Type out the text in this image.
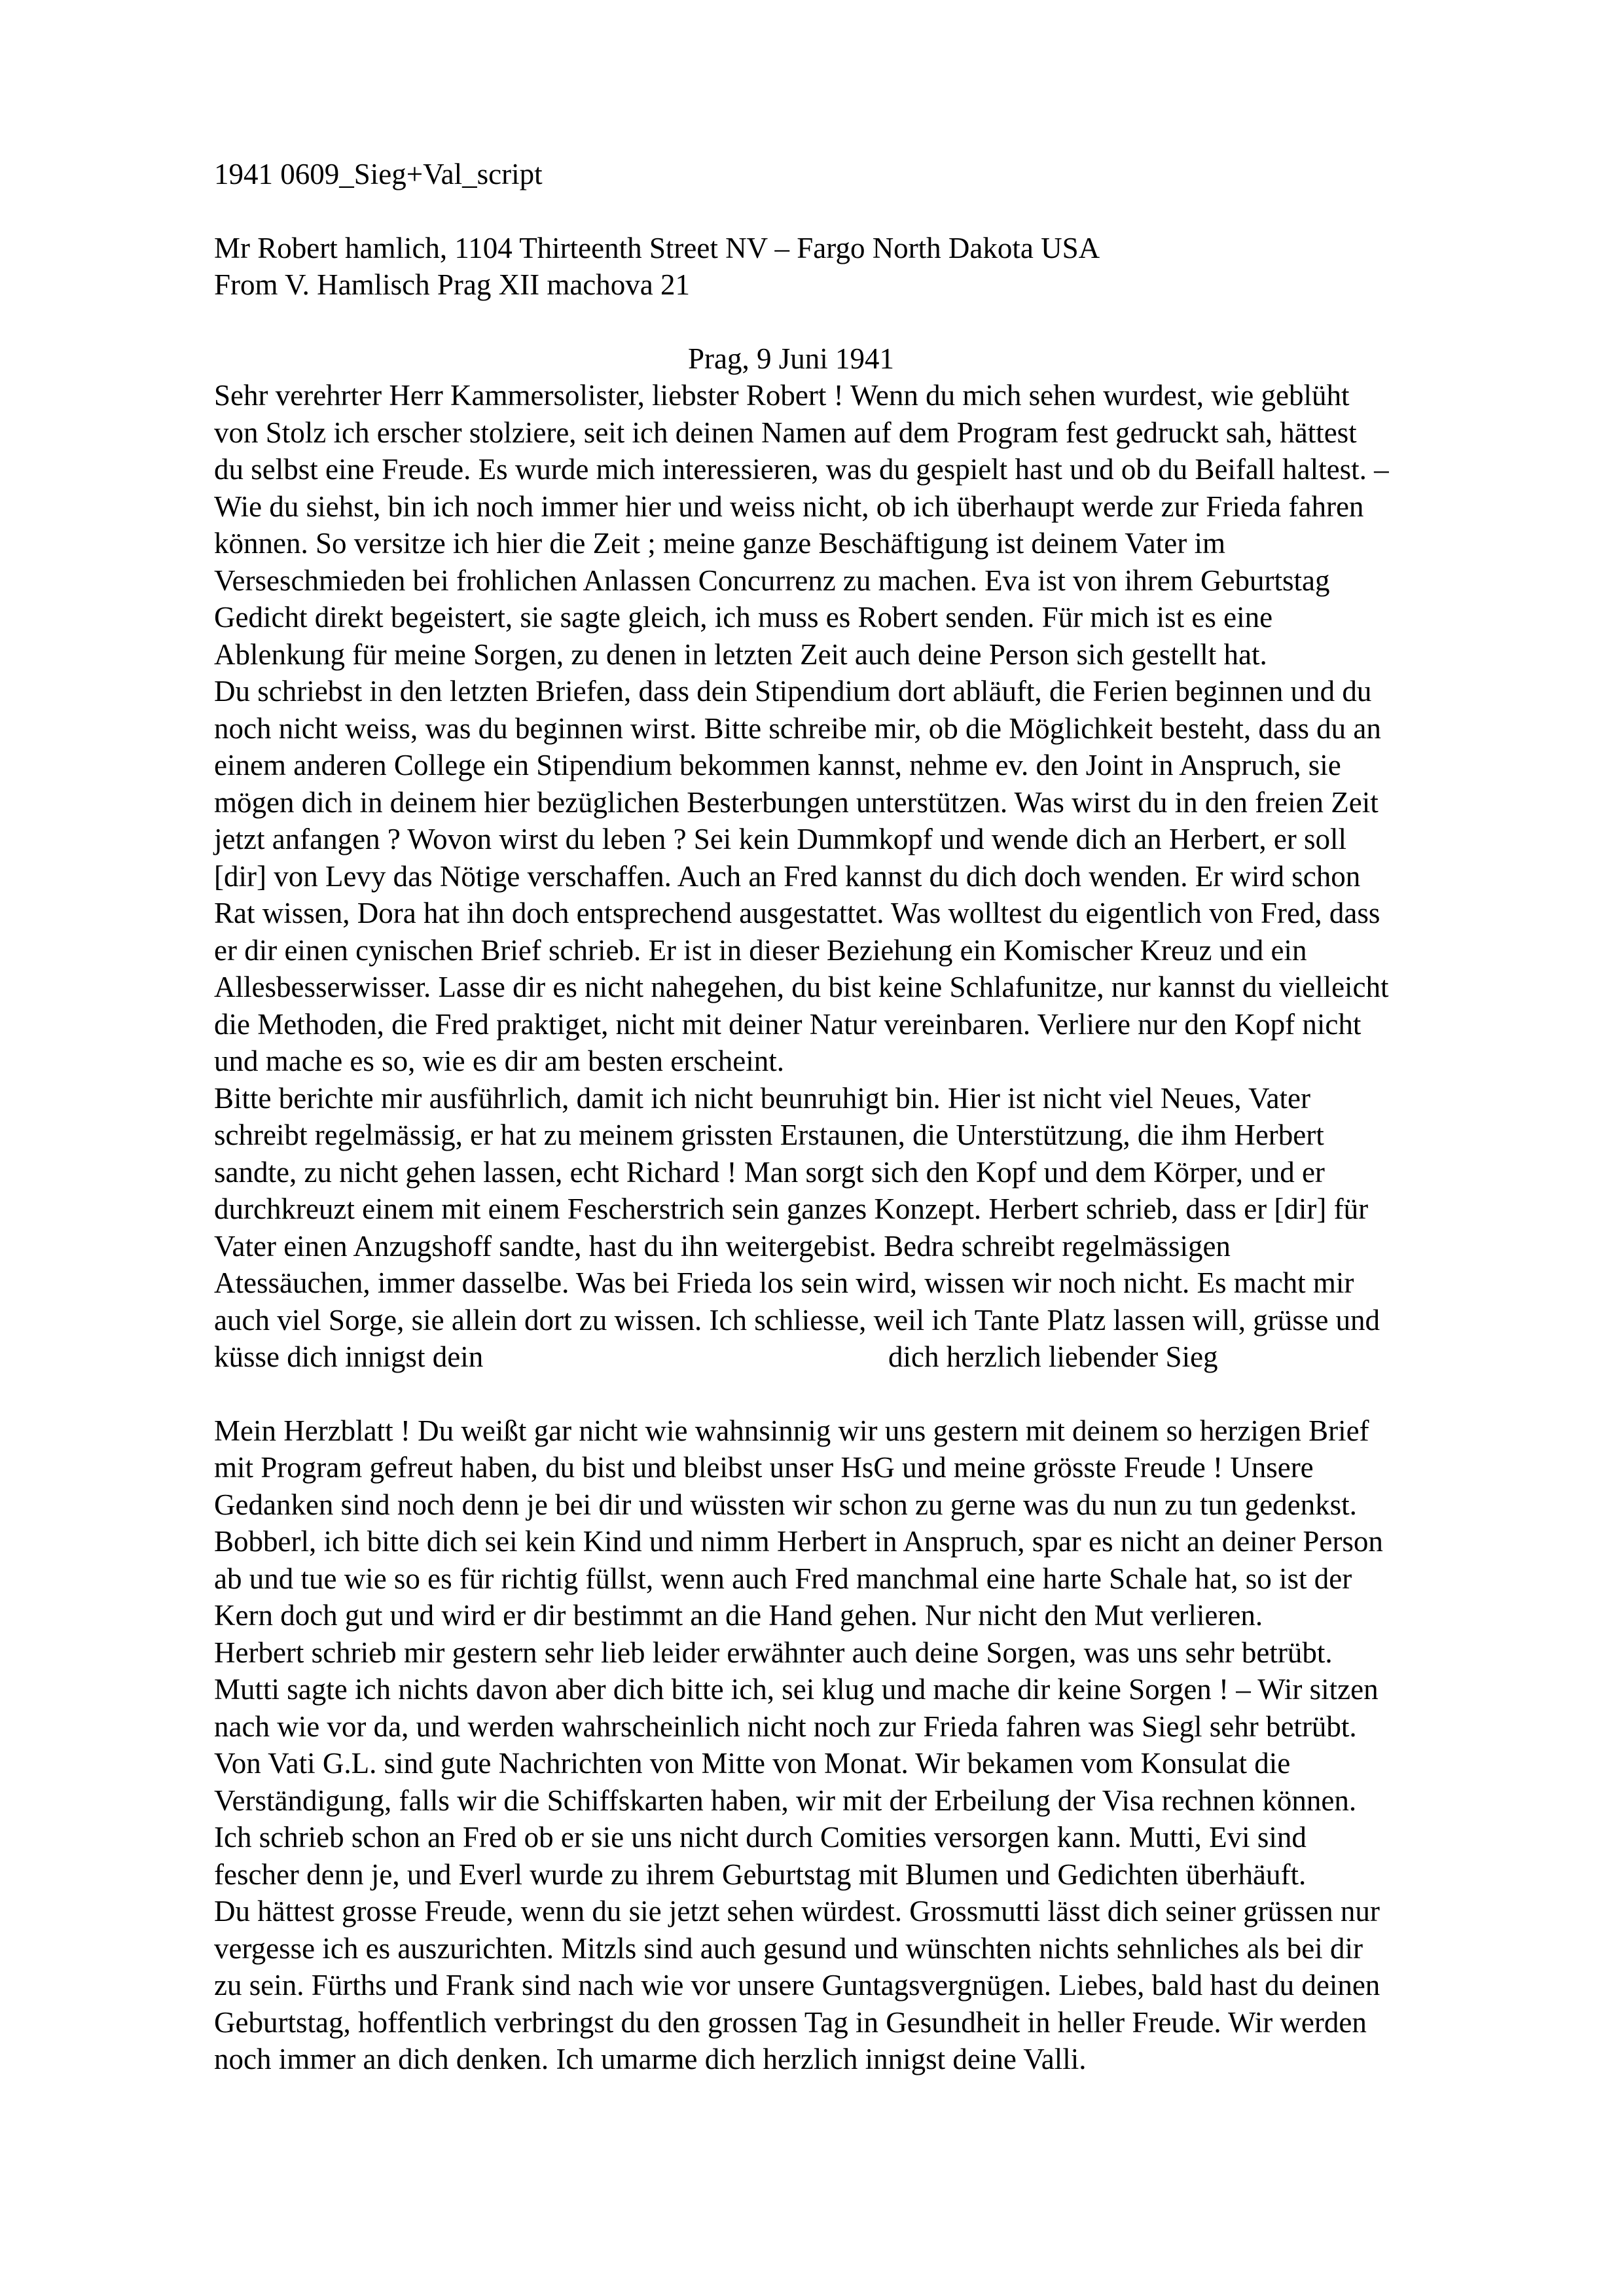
1941 0609_Sieg+Val_script
Mr Robert hamlich, 1104 Thirteenth Street NV – Fargo North Dakota USA
From V. Hamlisch Prag XII machova 21
Prag, 9 Juni 1941
Sehr verehrter Herr Kammersolister, liebster Robert ! Wenn du mich sehen wurdest, wie geblüht
von Stolz ich erscher stolziere, seit ich deinen Namen auf dem Program fest gedruckt sah, hättest
du selbst eine Freude. Es wurde mich interessieren, was du gespielt hast und ob du Beifall haltest. –
Wie du siehst, bin ich noch immer hier und weiss nicht, ob ich überhaupt werde zur Frieda fahren
können. So versitze ich hier die Zeit ; meine ganze Beschäftigung ist deinem Vater im
Verseschmieden bei frohlichen Anlassen Concurrenz zu machen. Eva ist von ihrem Geburtstag
Gedicht direkt begeistert, sie sagte gleich, ich muss es Robert senden. Für mich ist es eine
Ablenkung für meine Sorgen, zu denen in letzten Zeit auch deine Person sich gestellt hat.
Du schriebst in den letzten Briefen, dass dein Stipendium dort abläuft, die Ferien beginnen und du
noch nicht weiss, was du beginnen wirst. Bitte schreibe mir, ob die Möglichkeit besteht, dass du an
einem anderen College ein Stipendium bekommen kannst, nehme ev. den Joint in Anspruch, sie
mögen dich in deinem hier bezüglichen Besterbungen unterstützen. Was wirst du in den freien Zeit
jetzt anfangen ? Wovon wirst du leben ? Sei kein Dummkopf und wende dich an Herbert, er soll
[dir] von Levy das Nötige verschaffen. Auch an Fred kannst du dich doch wenden. Er wird schon
Rat wissen, Dora hat ihn doch entsprechend ausgestattet. Was wolltest du eigentlich von Fred, dass
er dir einen cynischen Brief schrieb. Er ist in dieser Beziehung ein Komischer Kreuz und ein
Allesbesserwisser. Lasse dir es nicht nahegehen, du bist keine Schlafunitze, nur kannst du vielleicht
die Methoden, die Fred praktiget, nicht mit deiner Natur vereinbaren. Verliere nur den Kopf nicht
und mache es so, wie es dir am besten erscheint.
Bitte berichte mir ausführlich, damit ich nicht beunruhigt bin. Hier ist nicht viel Neues, Vater
schreibt regelmässig, er hat zu meinem grissten Erstaunen, die Unterstützung, die ihm Herbert
sandte, zu nicht gehen lassen, echt Richard ! Man sorgt sich den Kopf und dem Körper, und er
durchkreuzt einem mit einem Fescherstrich sein ganzes Konzept. Herbert schrieb, dass er [dir] für
Vater einen Anzugshoff sandte, hast du ihn weitergebist. Bedra schreibt regelmässigen
Atessäuchen, immer dasselbe. Was bei Frieda los sein wird, wissen wir noch nicht. Es macht mir
auch viel Sorge, sie allein dort zu wissen. Ich schliesse, weil ich Tante Platz lassen will, grüsse und
küsse dich innigst dein	dich herzlich liebender Sieg
Mein Herzblatt ! Du weißt gar nicht wie wahnsinnig wir uns gestern mit deinem so herzigen Brief
mit Program gefreut haben, du bist und bleibst unser HsG und meine grösste Freude ! Unsere
Gedanken sind noch denn je bei dir und wüssten wir schon zu gerne was du nun zu tun gedenkst.
Bobberl, ich bitte dich sei kein Kind und nimm Herbert in Anspruch, spar es nicht an deiner Person
ab und tue wie so es für richtig füllst, wenn auch Fred manchmal eine harte Schale hat, so ist der
Kern doch gut und wird er dir bestimmt an die Hand gehen. Nur nicht den Mut verlieren.
Herbert schrieb mir gestern sehr lieb leider erwähnter auch deine Sorgen, was uns sehr betrübt.
Mutti sagte ich nichts davon aber dich bitte ich, sei klug und mache dir keine Sorgen ! – Wir sitzen
nach wie vor da, und werden wahrscheinlich nicht noch zur Frieda fahren was Siegl sehr betrübt.
Von Vati G.L. sind gute Nachrichten von Mitte von Monat. Wir bekamen vom Konsulat die
Verständigung, falls wir die Schiffskarten haben, wir mit der Erbeilung der Visa rechnen können.
Ich schrieb schon an Fred ob er sie uns nicht durch Comities versorgen kann. Mutti, Evi sind
fescher denn je, und Everl wurde zu ihrem Geburtstag mit Blumen und Gedichten überhäuft.
Du hättest grosse Freude, wenn du sie jetzt sehen würdest. Grossmutti lässt dich seiner grüssen nur
vergesse ich es auszurichten. Mitzls sind auch gesund und wünschten nichts sehnliches als bei dir
zu sein. Fürths und Frank sind nach wie vor unsere Guntagsvergnügen. Liebes, bald hast du deinen
Geburtstag, hoffentlich verbringst du den grossen Tag in Gesundheit in heller Freude. Wir werden
noch immer an dich denken. Ich umarme dich herzlich innigst deine Valli.
